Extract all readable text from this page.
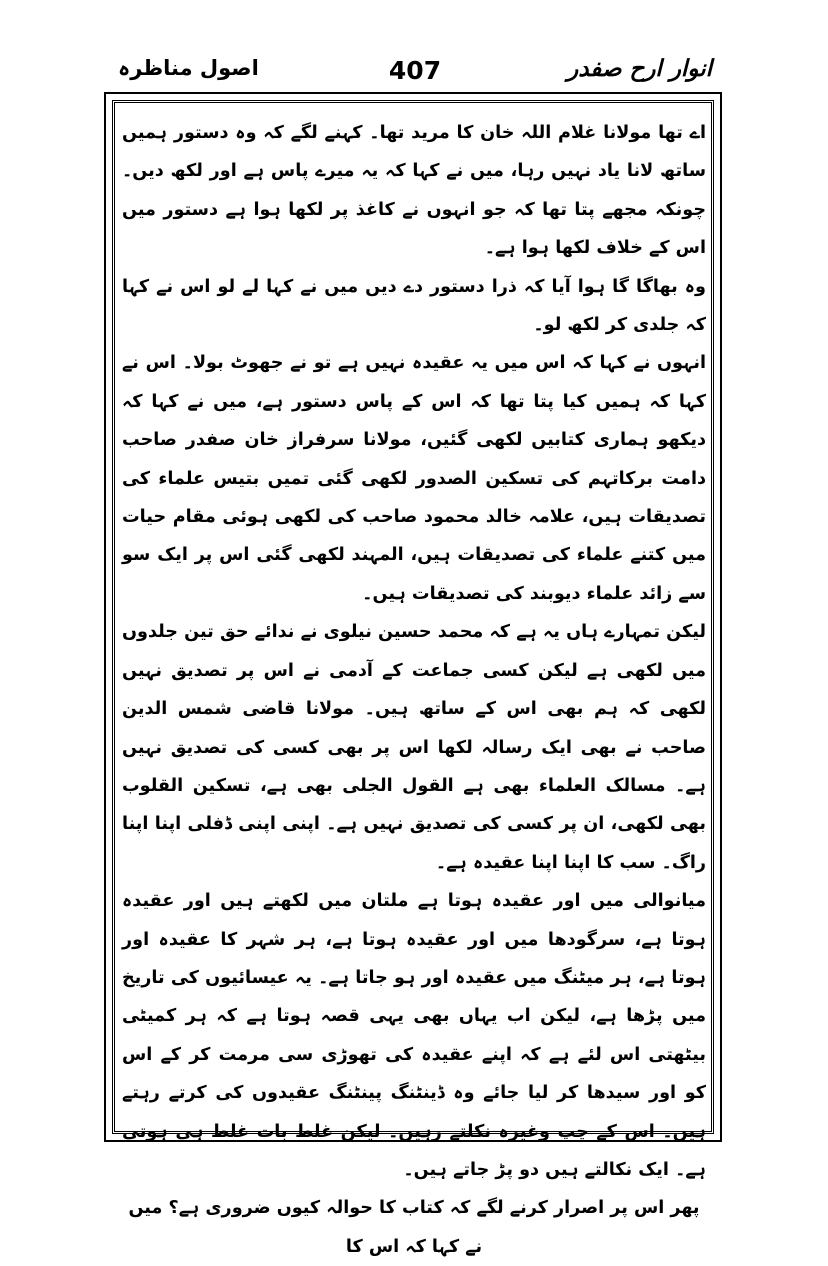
انوار ارح صفدر
407
اصول مناظرہ

اے تھا مولانا غلام اللہ خان کا مرید تھا۔ کہنے لگے کہ وہ دستور ہمیں ساتھ لانا یاد نہیں رہا، میں نے کہا کہ یہ میرے پاس ہے اور لکھ دیں۔ چونکہ مجھے پتا تھا کہ جو انہوں نے کاغذ پر لکھا ہوا ہے دستور میں اس کے خلاف لکھا ہوا ہے۔

وہ بھاگا گا ہوا آیا کہ ذرا دستور دے دیں میں نے کہا لے لو اس نے کہا کہ جلدی کر لکھ لو۔

انہوں نے کہا کہ اس میں یہ عقیدہ نہیں ہے تو نے جھوٹ بولا۔ اس نے کہا کہ ہمیں کیا پتا تھا کہ اس کے پاس دستور ہے، میں نے کہا کہ دیکھو ہماری کتابیں لکھی گئیں، مولانا سرفراز خان صفدر صاحب دامت برکاتہم کی تسکین الصدور لکھی گئی تمیں بتیس علماء کی تصدیقات ہیں، علامہ خالد محمود صاحب کی لکھی ہوئی مقام حیات میں کتنے علماء کی تصدیقات ہیں، المہند لکھی گئی اس پر ایک سو سے زائد علماء دیوبند کی تصدیقات ہیں۔

لیکن تمہارے ہاں یہ ہے کہ محمد حسین نیلوی نے ندائے حق تین جلدوں میں لکھی ہے لیکن کسی جماعت کے آدمی نے اس پر تصدیق نہیں لکھی کہ ہم بھی اس کے ساتھ ہیں۔ مولانا قاضی شمس الدین صاحب نے بھی ایک رسالہ لکھا اس پر بھی کسی کی تصدیق نہیں ہے۔ مسالک العلماء بھی ہے القول الجلی بھی ہے، تسکین القلوب بھی لکھی، ان پر کسی کی تصدیق نہیں ہے۔ اپنی اپنی ڈفلی اپنا اپنا راگ۔ سب کا اپنا اپنا عقیدہ ہے۔

میانوالی میں اور عقیدہ ہوتا ہے ملتان میں لکھتے ہیں اور عقیدہ ہوتا ہے، سرگودھا میں اور عقیدہ ہوتا ہے، ہر شہر کا عقیدہ اور ہوتا ہے، ہر میٹنگ میں عقیدہ اور ہو جاتا ہے۔ یہ عیسائیوں کی تاریخ میں پڑھا ہے، لیکن اب یہاں بھی یہی قصہ ہوتا ہے کہ ہر کمیٹی بیٹھتی اس لئے ہے کہ اپنے عقیدہ کی تھوڑی سی مرمت کر کے اس کو اور سیدھا کر لیا جائے وہ ڈینٹنگ پینٹنگ عقیدوں کی کرتے رہتے ہیں۔ اس کے چپ وغیرہ نکلتے رہیں۔ لیکن غلط بات غلط ہی ہوتی ہے۔ ایک نکالتے ہیں دو پڑ جاتے ہیں۔

پھر اس پر اصرار کرنے لگے کہ کتاب کا حوالہ کیوں ضروری ہے؟ میں نے کہا کہ اس کا
